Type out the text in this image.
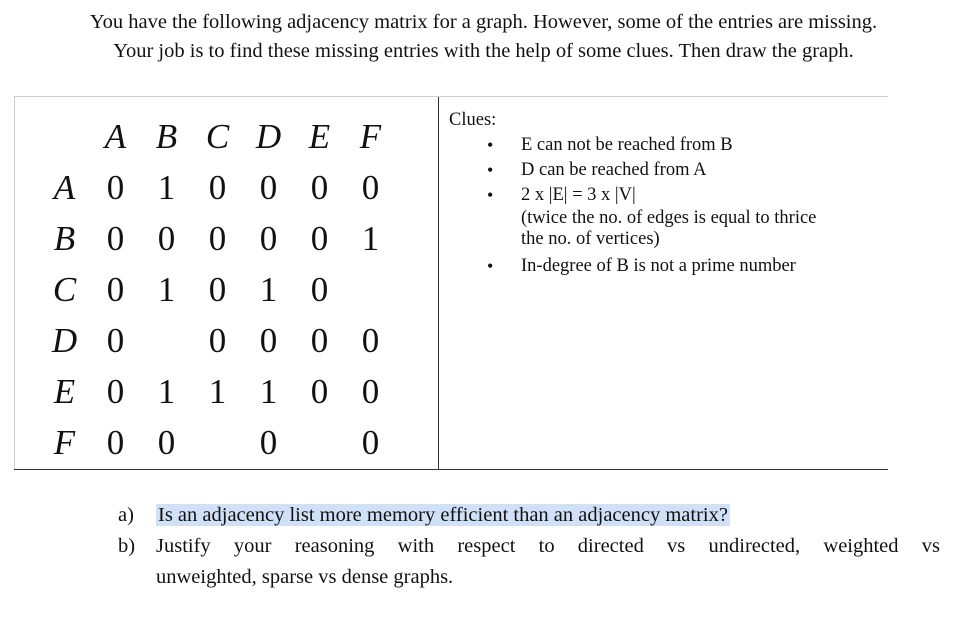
You have the following adjacency matrix for a graph. However, some of the entries are missing.
Your job is to find these missing entries with the help of some clues. Then draw the graph.
A B C D E F
A 0 1 0 0 0 0
B 0 0 0 0 0 1
C 0 1 0 1 0
D 0	0 0 0 0
E 0 1 1 1 0 0
F 0 0	0	0
Clues:
• E can not be reached from B
• D can be reached from A
• 2 x |E| = 3 x |V|
(twice the no. of edges is equal to thrice
the no. of vertices)
• In-degree of B is not a prime number
a) Is an adjacency list more memory efficient than an adjacency matrix?
b) Justify your reasoning with respect to directed vs undirected, weighted vs
unweighted, sparse vs dense graphs.
